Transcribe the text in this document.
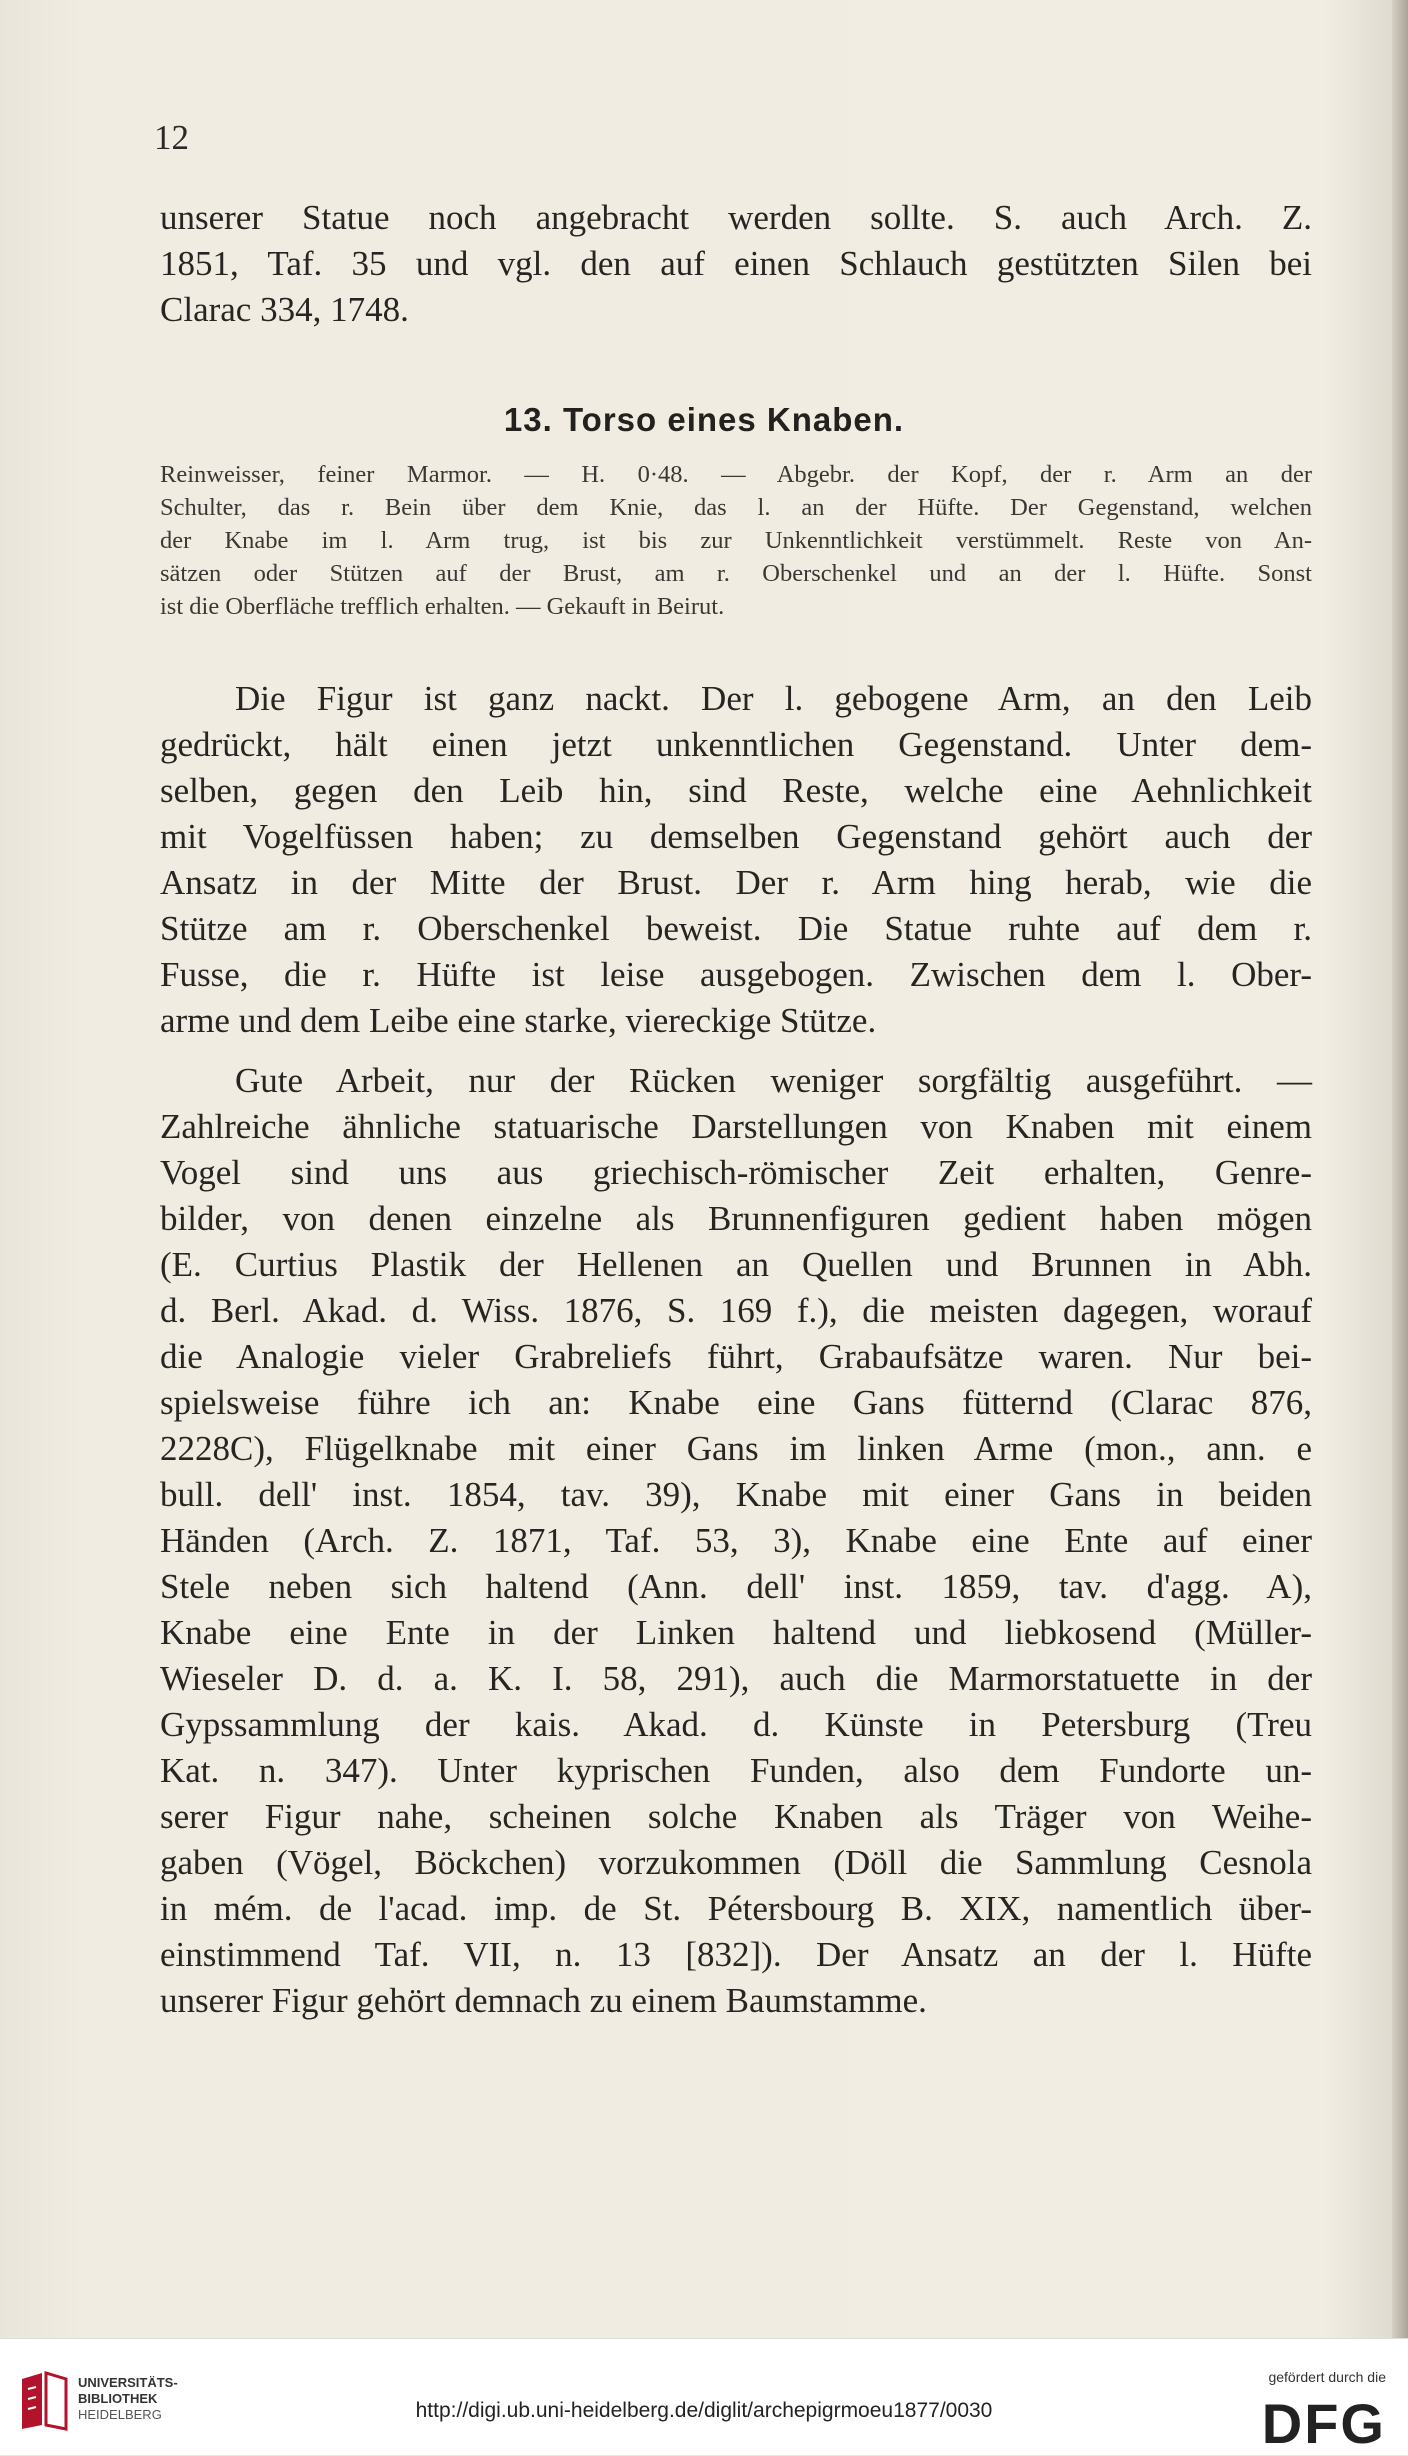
12
unserer Statue noch angebracht werden sollte. S. auch Arch. Z.
1851, Taf. 35 und vgl. den auf einen Schlauch gestützten Silen bei
Clarac 334, 1748.
13. Torso eines Knaben.
Reinweisser, feiner Marmor. — H. 0·48. — Abgebr. der Kopf, der r. Arm an der
Schulter, das r. Bein über dem Knie, das l. an der Hüfte. Der Gegenstand, welchen
der Knabe im l. Arm trug, ist bis zur Unkenntlichkeit verstümmelt. Reste von An-
sätzen oder Stützen auf der Brust, am r. Oberschenkel und an der l. Hüfte. Sonst
ist die Oberfläche trefflich erhalten. — Gekauft in Beirut.
Die Figur ist ganz nackt. Der l. gebogene Arm, an den Leib
gedrückt, hält einen jetzt unkenntlichen Gegenstand. Unter dem-
selben, gegen den Leib hin, sind Reste, welche eine Aehnlichkeit
mit Vogelfüssen haben; zu demselben Gegenstand gehört auch der
Ansatz in der Mitte der Brust. Der r. Arm hing herab, wie die
Stütze am r. Oberschenkel beweist. Die Statue ruhte auf dem r.
Fusse, die r. Hüfte ist leise ausgebogen. Zwischen dem l. Ober-
arme und dem Leibe eine starke, viereckige Stütze.
Gute Arbeit, nur der Rücken weniger sorgfältig ausgeführt. —
Zahlreiche ähnliche statuarische Darstellungen von Knaben mit einem
Vogel sind uns aus griechisch-römischer Zeit erhalten, Genre-
bilder, von denen einzelne als Brunnenfiguren gedient haben mögen
(E. Curtius Plastik der Hellenen an Quellen und Brunnen in Abh.
d. Berl. Akad. d. Wiss. 1876, S. 169 f.), die meisten dagegen, worauf
die Analogie vieler Grabreliefs führt, Grabaufsätze waren. Nur bei-
spielsweise führe ich an: Knabe eine Gans fütternd (Clarac 876,
2228C), Flügelknabe mit einer Gans im linken Arme (mon., ann. e
bull. dell' inst. 1854, tav. 39), Knabe mit einer Gans in beiden
Händen (Arch. Z. 1871, Taf. 53, 3), Knabe eine Ente auf einer
Stele neben sich haltend (Ann. dell' inst. 1859, tav. d'agg. A),
Knabe eine Ente in der Linken haltend und liebkosend (Müller-
Wieseler D. d. a. K. I. 58, 291), auch die Marmorstatuette in der
Gypssammlung der kais. Akad. d. Künste in Petersburg (Treu
Kat. n. 347). Unter kyprischen Funden, also dem Fundorte un-
serer Figur nahe, scheinen solche Knaben als Träger von Weihe-
gaben (Vögel, Böckchen) vorzukommen (Döll die Sammlung Cesnola
in mém. de l'acad. imp. de St. Pétersbourg B. XIX, namentlich über-
einstimmend Taf. VII, n. 13 [832]). Der Ansatz an der l. Hüfte
unserer Figur gehört demnach zu einem Baumstamme.
UNIVERSITÄTS-
BIBLIOTHEK
HEIDELBERG	http://digi.ub.uni-heidelberg.de/diglit/archepigrmoeu1877/0030
gefördert durch die
DFG
